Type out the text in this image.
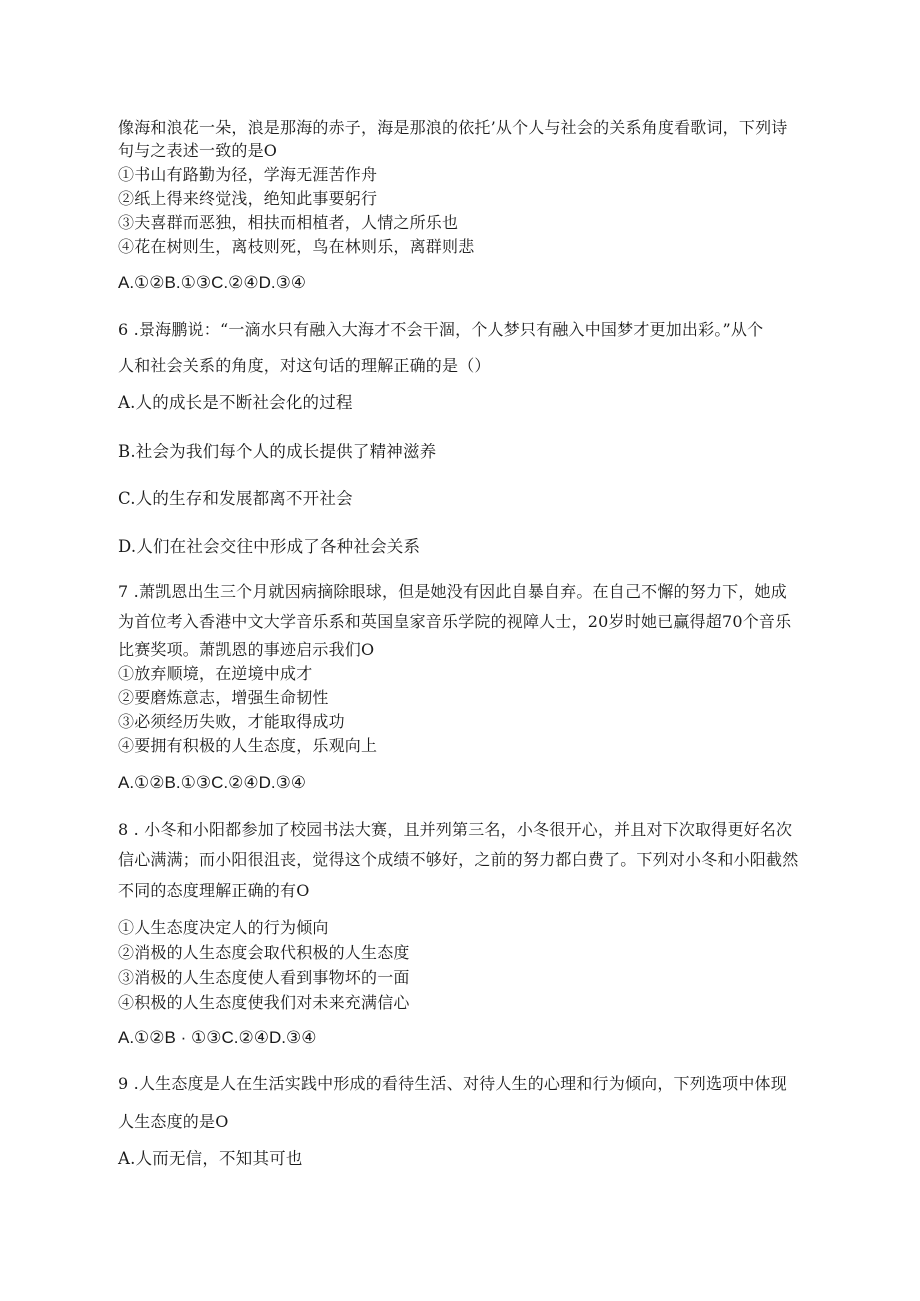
像海和浪花一朵，浪是那海的赤子，海是那浪的依托’从个人与社会的关系角度看歌词，下列诗
句与之表述一致的是O
①书山有路勤为径，学海无涯苦作舟
②纸上得来终觉浅，绝知此事要躬行
③夫喜群而恶独，相扶而相植者，人情之所乐也
④花在树则生，离枝则死，鸟在林则乐，离群则悲
A.①②B.①③C.②④D.③④
6 .景海鹏说：“一滴水只有融入大海才不会干涸，个人梦只有融入中国梦才更加出彩。”从个
人和社会关系的角度，对这句话的理解正确的是（）
A.人的成长是不断社会化的过程
B.社会为我们每个人的成长提供了精神滋养
C.人的生存和发展都离不开社会
D.人们在社会交往中形成了各种社会关系
7 .萧凯恩出生三个月就因病摘除眼球，但是她没有因此自暴自弃。在自己不懈的努力下，她成
为首位考入香港中文大学音乐系和英国皇家音乐学院的视障人士，20岁时她已赢得超70个音乐
比赛奖项。萧凯恩的事迹启示我们O
①放弃顺境，在逆境中成才
②要磨炼意志，增强生命韧性
③必须经历失败，才能取得成功
④要拥有积极的人生态度，乐观向上
A.①②B.①③C.②④D.③④
8 . 小冬和小阳都参加了校园书法大赛，且并列第三名，小冬很开心，并且对下次取得更好名次
信心满满；而小阳很沮丧，觉得这个成绩不够好，之前的努力都白费了。下列对小冬和小阳截然
不同的态度理解正确的有O
①人生态度决定人的行为倾向
②消极的人生态度会取代积极的人生态度
③消极的人生态度使人看到事物坏的一面
④积极的人生态度使我们对未来充满信心
A.①②B · ①③C.②④D.③④
9 .人生态度是人在生活实践中形成的看待生活、对待人生的心理和行为倾向，下列选项中体现
人生态度的是O
A.人而无信，不知其可也
